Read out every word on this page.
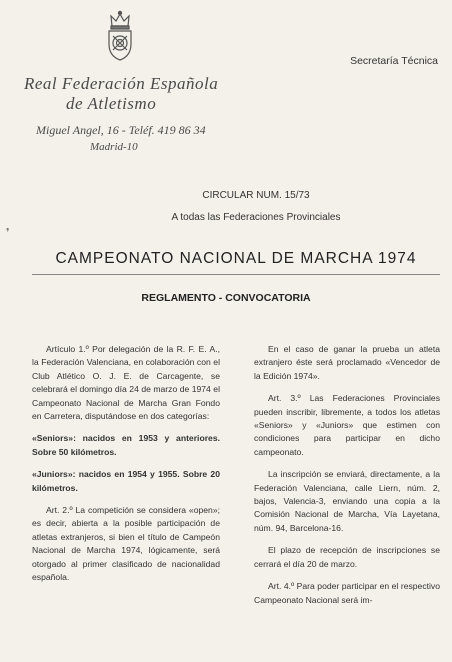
Real Federación Española
de Atletismo
Miguel Angel, 16 - Teléf. 419 86 34
Madrid-10
Secretaría Técnica
CIRCULAR NUM. 15/73
A todas las Federaciones Provinciales
CAMPEONATO NACIONAL DE MARCHA 1974
REGLAMENTO - CONVOCATORIA

Artículo 1.º Por delegación de la R. F. E. A., la Federación Valenciana, en colaboración con el Club Atlético O. J. E. de Carcagente, se celebrará el domingo día 24 de marzo de 1974 el Campeonato Nacional de Marcha Gran Fondo en Carretera, disputándose en dos categorías:

«Seniors»: nacidos en 1953 y anteriores. Sobre 50 kilómetros.

«Juniors»: nacidos en 1954 y 1955. Sobre 20 kilómetros.

Art. 2.º La competición se considera «open»; es decir, abierta a la posible participación de atletas extranjeros, si bien el título de Campeón Nacional de Marcha 1974, lógicamente, será otorgado al primer clasificado de nacionalidad española.

En el caso de ganar la prueba un atleta extranjero éste será proclamado «Vencedor de la Edición 1974».

Art. 3.º Las Federaciones Provinciales pueden inscribir, libremente, a todos los atletas «Seniors» y «Juniors» que estimen con condiciones para participar en dicho campeonato.

La inscripción se enviará, directamente, a la Federación Valenciana, calle Liern, núm. 2, bajos, Valencia-3, enviando una copia a la Comisión Nacional de Marcha, Vía Layetana, núm. 94, Barcelona-16.

El plazo de recepción de inscripciones se cerrará el día 20 de marzo.

Art. 4.º Para poder participar en el respectivo Campeonato Nacional será im-

❜
